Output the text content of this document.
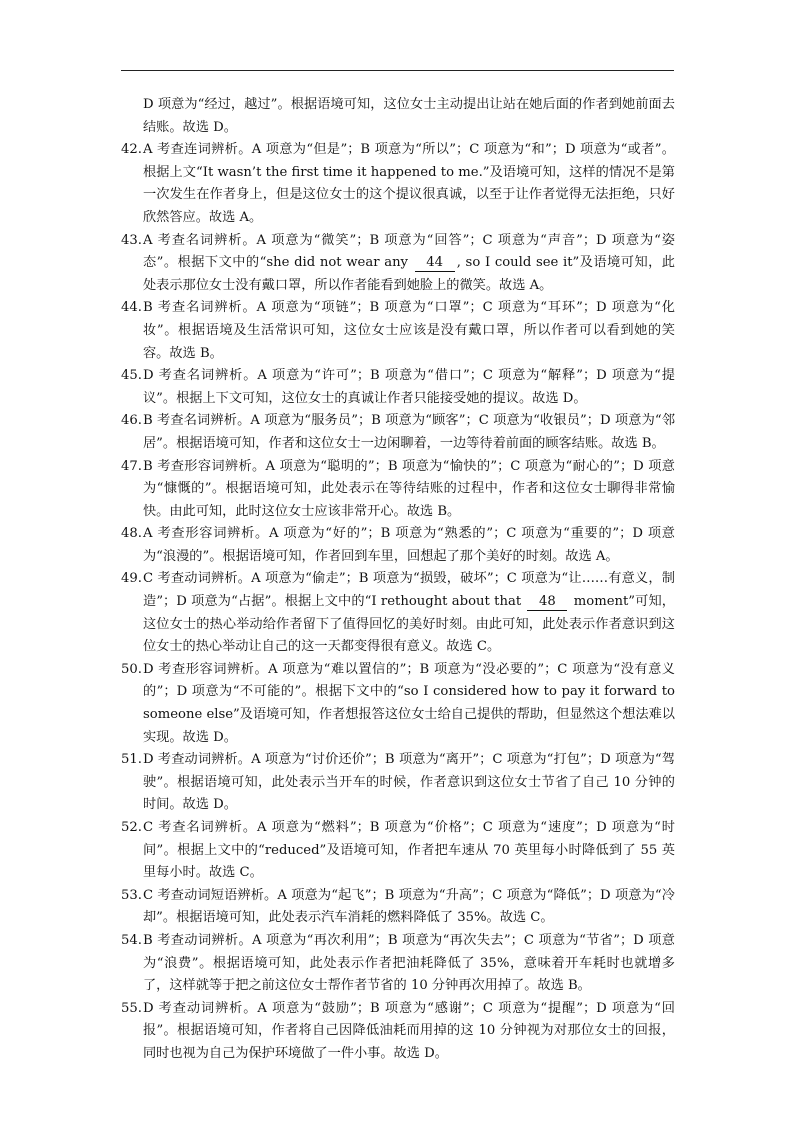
D 项意为“经过，越过”。根据语境可知，这位女士主动提出让站在她后面的作者到她前面去结账。故选 D。
42. A 考查连词辨析。A 项意为“但是”；B 项意为“所以”；C 项意为“和”；D 项意为“或者”。根据上文“It wasn’t the first time it happened to me.”及语境可知，这样的情况不是第一次发生在作者身上，但是这位女士的这个提议很真诚，以至于让作者觉得无法拒绝，只好欣然答应。故选 A。
43. A 考查名词辨析。A 项意为“微笑”；B 项意为“回答”；C 项意为“声音”；D 项意为“姿态”。根据下文中的“she did not wear any 44 , so I could see it”及语境可知，此处表示那位女士没有戴口罩，所以作者能看到她脸上的微笑。故选 A。
44. B 考查名词辨析。A 项意为“项链”；B 项意为“口罩”；C 项意为“耳环”；D 项意为“化妆”。根据语境及生活常识可知，这位女士应该是没有戴口罩，所以作者可以看到她的笑容。故选 B。
45. D 考查名词辨析。A 项意为“许可”；B 项意为“借口”；C 项意为“解释”；D 项意为“提议”。根据上下文可知，这位女士的真诚让作者只能接受她的提议。故选 D。
46. B 考查名词辨析。A 项意为“服务员”；B 项意为“顾客”；C 项意为“收银员”；D 项意为“邻居”。根据语境可知，作者和这位女士一边闲聊着，一边等待着前面的顾客结账。故选 B。
47. B 考查形容词辨析。A 项意为“聪明的”；B 项意为“愉快的”；C 项意为“耐心的”；D 项意为“慷慨的”。根据语境可知，此处表示在等待结账的过程中，作者和这位女士聊得非常愉快。由此可知，此时这位女士应该非常开心。故选 B。
48. A 考查形容词辨析。A 项意为“好的”；B 项意为“熟悉的”；C 项意为“重要的”；D 项意为“浪漫的”。根据语境可知，作者回到车里，回想起了那个美好的时刻。故选 A。
49. C 考查动词辨析。A 项意为“偷走”；B 项意为“损毁，破坏”；C 项意为“让……有意义，制造”；D 项意为“占据”。根据上文中的“I rethought about that 48 moment”可知，这位女士的热心举动给作者留下了值得回忆的美好时刻。由此可知，此处表示作者意识到这位女士的热心举动让自己的这一天都变得很有意义。故选 C。
50. D 考查形容词辨析。A 项意为“难以置信的”；B 项意为“没必要的”；C 项意为“没有意义的”；D 项意为“不可能的”。根据下文中的“so I considered how to pay it forward to someone else”及语境可知，作者想报答这位女士给自己提供的帮助，但显然这个想法难以实现。故选 D。
51. D 考查动词辨析。A 项意为“讨价还价”；B 项意为“离开”；C 项意为“打包”；D 项意为“驾驶”。根据语境可知，此处表示当开车的时候，作者意识到这位女士节省了自己 10 分钟的时间。故选 D。
52. C 考查名词辨析。A 项意为“燃料”；B 项意为“价格”；C 项意为“速度”；D 项意为“时间”。根据上文中的“reduced”及语境可知，作者把车速从 70 英里每小时降低到了 55 英里每小时。故选 C。
53. C 考查动词短语辨析。A 项意为“起飞”；B 项意为“升高”；C 项意为“降低”；D 项意为“冷却”。根据语境可知，此处表示汽车消耗的燃料降低了 35%。故选 C。
54. B 考查动词辨析。A 项意为“再次利用”；B 项意为“再次失去”；C 项意为“节省”；D 项意为“浪费”。根据语境可知，此处表示作者把油耗降低了 35%，意味着开车耗时也就增多了，这样就等于把之前这位女士帮作者节省的 10 分钟再次用掉了。故选 B。
55. D 考查动词辨析。A 项意为“鼓励”；B 项意为“感谢”；C 项意为“提醒”；D 项意为“回报”。根据语境可知，作者将自己因降低油耗而用掉的这 10 分钟视为对那位女士的回报，同时也视为自己为保护环境做了一件小事。故选 D。
